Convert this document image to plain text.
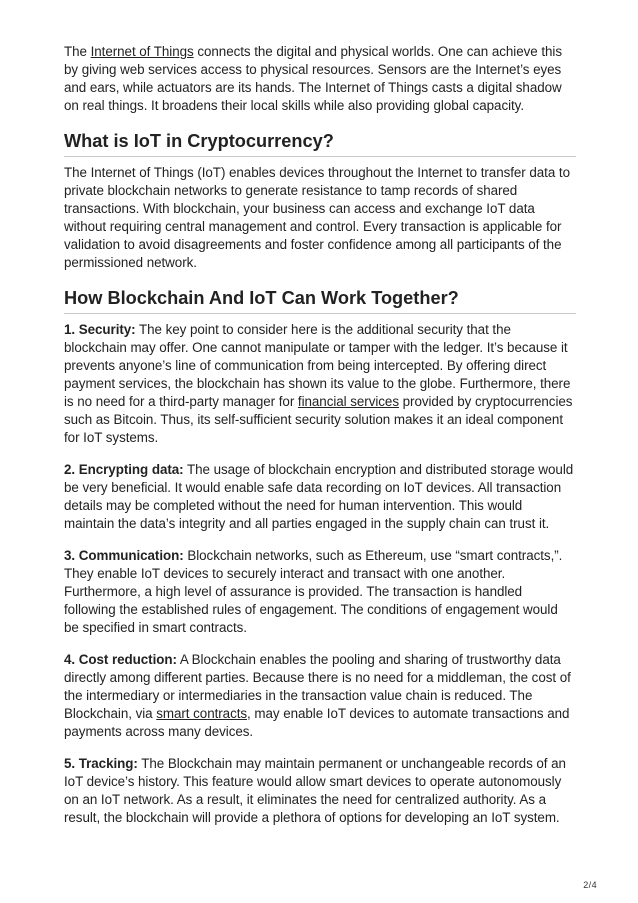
The Internet of Things connects the digital and physical worlds. One can achieve this by giving web services access to physical resources. Sensors are the Internet’s eyes and ears, while actuators are its hands. The Internet of Things casts a digital shadow on real things. It broadens their local skills while also providing global capacity.

What is IoT in Cryptocurrency?

The Internet of Things (IoT) enables devices throughout the Internet to transfer data to private blockchain networks to generate resistance to tamp records of shared transactions. With blockchain, your business can access and exchange IoT data without requiring central management and control. Every transaction is applicable for validation to avoid disagreements and foster confidence among all participants of the permissioned network.

How Blockchain And IoT Can Work Together?

1. Security: The key point to consider here is the additional security that the blockchain may offer. One cannot manipulate or tamper with the ledger. It’s because it prevents anyone’s line of communication from being intercepted. By offering direct payment services, the blockchain has shown its value to the globe. Furthermore, there is no need for a third-party manager for financial services provided by cryptocurrencies such as Bitcoin. Thus, its self-sufficient security solution makes it an ideal component for IoT systems.

2. Encrypting data: The usage of blockchain encryption and distributed storage would be very beneficial. It would enable safe data recording on IoT devices. All transaction details may be completed without the need for human intervention. This would maintain the data’s integrity and all parties engaged in the supply chain can trust it.

3. Communication: Blockchain networks, such as Ethereum, use “smart contracts,”. They enable IoT devices to securely interact and transact with one another. Furthermore, a high level of assurance is provided. The transaction is handled following the established rules of engagement. The conditions of engagement would be specified in smart contracts.

4. Cost reduction: A Blockchain enables the pooling and sharing of trustworthy data directly among different parties. Because there is no need for a middleman, the cost of the intermediary or intermediaries in the transaction value chain is reduced. The Blockchain, via smart contracts, may enable IoT devices to automate transactions and payments across many devices.

5. Tracking: The Blockchain may maintain permanent or unchangeable records of an IoT device’s history. This feature would allow smart devices to operate autonomously on an IoT network. As a result, it eliminates the need for centralized authority. As a result, the blockchain will provide a plethora of options for developing an IoT system.

2/4
